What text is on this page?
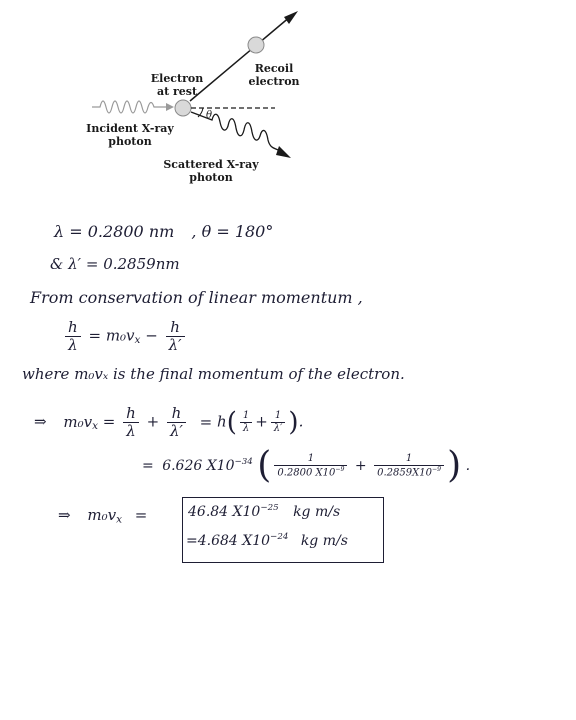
θ
Electron
at rest
Recoil
electron
Incident X-ray
photon
Scattered X-ray
photon
λ = 0.2800 nm , θ = 180°
& λ′ = 0.2859nm
From conservation of linear momentum ,
$\frac{h}{\lambda} = m_0v_x - \frac{h}{\lambda'}$
where m₀vₓ is the final momentum of the electron.
⇒ $m_0v_x = \frac{h}{\lambda} + \frac{h}{\lambda'} = h( \frac{1}{\lambda} + \frac{1}{\lambda'}$ ).
= 6.626 $X10^{-34}$ ( $\frac{1}{0.2800 X10^{-9}} + \frac{1}{0.2859X10^{-9}}$ ) .
⇒ $m_0v_x$ =	46.84 $X10^{-25}$ kg m/s
=4.684 $X10^{-24}$ kg m/s
